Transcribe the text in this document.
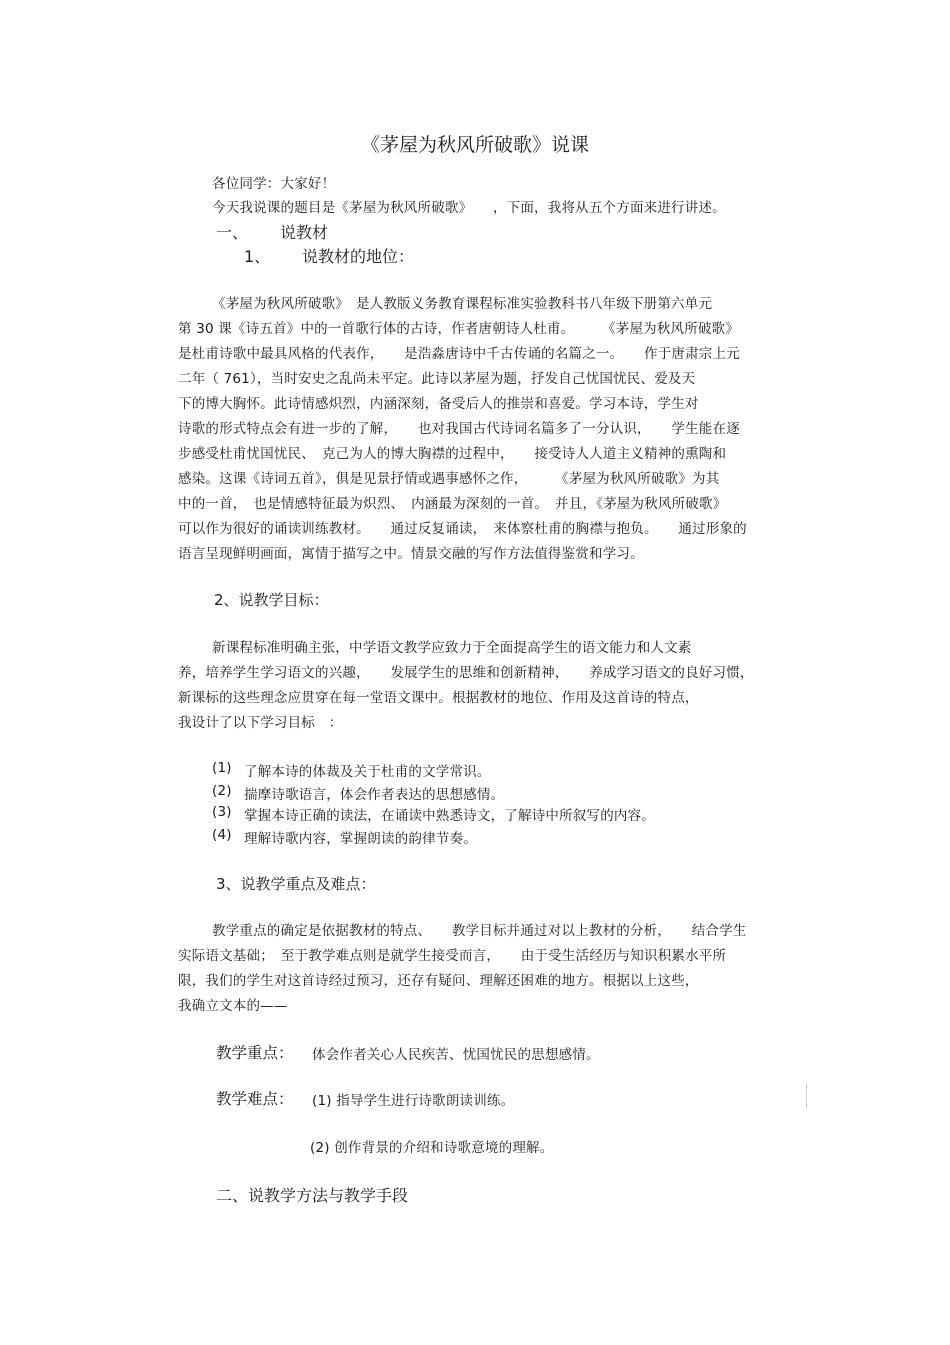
《茅屋为秋风所破歌》说课
各位同学：大家好！
今天我说课的题目是《茅屋为秋风所破歌》　　，下面，我将从五个方面来进行讲述。
一、 说教材
1、 说教材的地位：
《茅屋为秋风所破歌》　是人教版义务教育课程标准实验教科书八年级下册第六单元
第 30 课《诗五首》中的一首歌行体的古诗，作者唐朝诗人杜甫。　　　《茅屋为秋风所破歌》
是杜甫诗歌中最具风格的代表作，　　是浩淼唐诗中千古传诵的名篇之一。　　作于唐肃宗上元
二年（ 761），当时安史之乱尚未平定。此诗以茅屋为题，抒发自己忧国忧民、爱及天
下的博大胸怀。此诗情感炽烈，内涵深刻，备受后人的推崇和喜爱。学习本诗，学生对
诗歌的形式特点会有进一步的了解，　　也对我国古代诗词名篇多了一分认识，　　学生能在逐
步感受杜甫忧国忧民、　克己为人的博大胸襟的过程中，　　接受诗人人道主义精神的熏陶和
感染。这课《诗词五首》，俱是见景抒情或遇事感怀之作，　　　《茅屋为秋风所破歌》为其
中的一首，　也是情感特征最为炽烈、　内涵最为深刻的一首。　并且，《茅屋为秋风所破歌》
可以作为很好的诵读训练教材。　　通过反复诵读，　来体察杜甫的胸襟与抱负。　　通过形象的
语言呈现鲜明画面，寓情于描写之中。情景交融的写作方法值得鉴赏和学习。
2、说教学目标：
新课程标准明确主张，中学语文教学应致力于全面提高学生的语文能力和人文素
养，培养学生学习语文的兴趣，　　发展学生的思维和创新精神，　　养成学习语文的良好习惯，
新课标的这些理念应贯穿在每一堂语文课中。根据教材的地位、作用及这首诗的特点，
我设计了以下学习目标　：
(1) 了解本诗的体裁及关于杜甫的文学常识。
(2) 揣摩诗歌语言，体会作者表达的思想感情。
(3) 掌握本诗正确的读法，在诵读中熟悉诗文，了解诗中所叙写的内容。
(4) 理解诗歌内容，掌握朗读的韵律节奏。
3、说教学重点及难点：
教学重点的确定是依据教材的特点、　　教学目标并通过对以上教材的分析，　　结合学生
实际语文基础；　至于教学难点则是就学生接受而言，　　由于受生活经历与知识积累水平所
限，我们的学生对这首诗经过预习，还存有疑问、理解还困难的地方。根据以上这些，
我确立文本的——
教学重点： 体会作者关心人民疾苦、忧国忧民的思想感情。
教学难点： (1) 指导学生进行诗歌朗读训练。
(2) 创作背景的介绍和诗歌意境的理解。
二、说教学方法与教学手段
